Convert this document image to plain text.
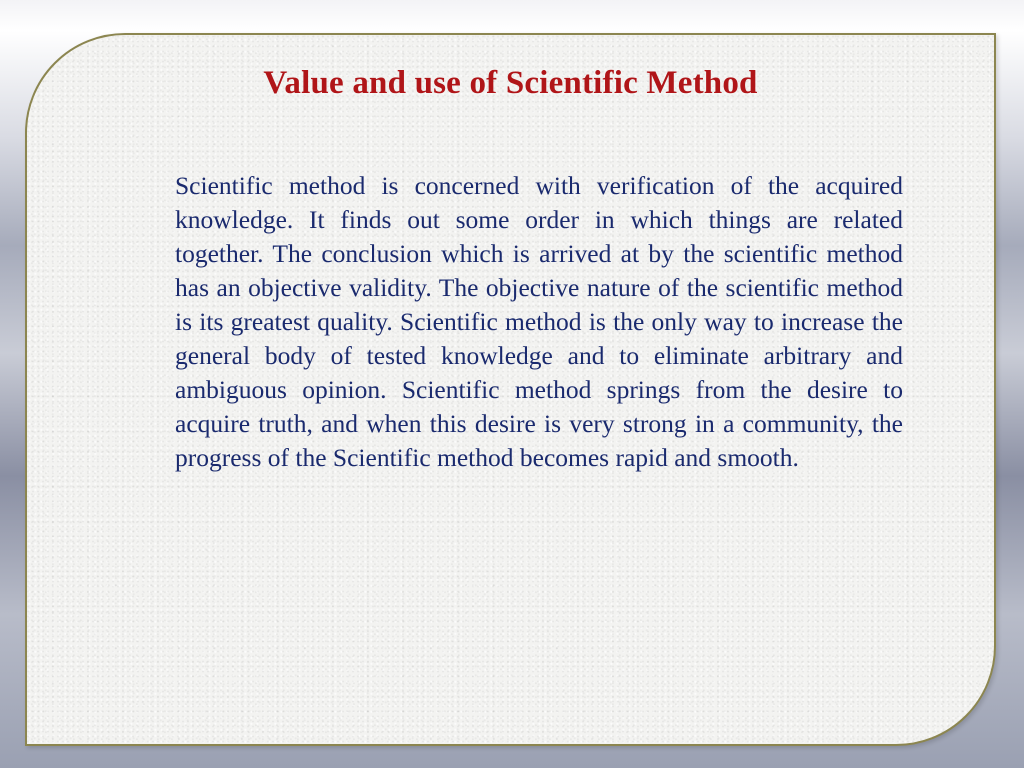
Value and use of Scientific Method

Scientific method is concerned with verification of the acquired knowledge. It finds out some order in which things are related together. The conclusion which is arrived at by the scientific method has an objective validity. The objective nature of the scientific method is its greatest quality. Scientific method is the only way to increase the general body of tested knowledge and to eliminate arbitrary and ambiguous opinion. Scientific method springs from the desire to acquire truth, and when this desire is very strong in a community, the progress of the Scientific method becomes rapid and smooth.
